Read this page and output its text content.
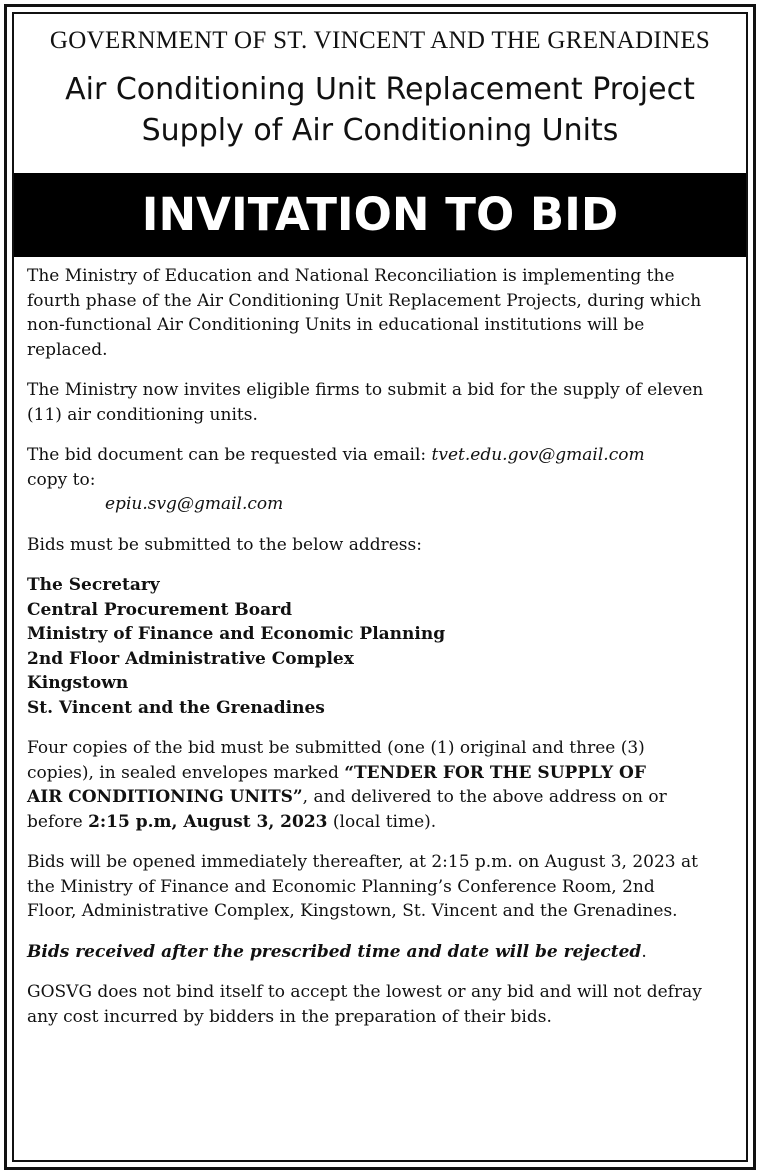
GOVERNMENT OF ST. VINCENT AND THE GRENADINES
Air Conditioning Unit Replacement Project
Supply of Air Conditioning Units
INVITATION TO BID

The Ministry of Education and National Reconciliation is implementing the
fourth phase of the Air Conditioning Unit Replacement Projects, during which
non-functional Air Conditioning Units in educational institutions will be
replaced.

The Ministry now invites eligible firms to submit a bid for the supply of eleven
(11) air conditioning units.

The bid document can be requested via email: tvet.edu.gov@gmail.com
copy to:
epiu.svg@gmail.com

Bids must be submitted to the below address:

The Secretary
Central Procurement Board
Ministry of Finance and Economic Planning
2nd Floor Administrative Complex
Kingstown
St. Vincent and the Grenadines

Four copies of the bid must be submitted (one (1) original and three (3)
copies), in sealed envelopes marked “TENDER FOR THE SUPPLY OF
AIR CONDITIONING UNITS”, and delivered to the above address on or
before 2:15 p.m, August 3, 2023 (local time).

Bids will be opened immediately thereafter, at 2:15 p.m. on August 3, 2023 at
the Ministry of Finance and Economic Planning’s Conference Room, 2nd
Floor, Administrative Complex, Kingstown, St. Vincent and the Grenadines.

Bids received after the prescribed time and date will be rejected.

GOSVG does not bind itself to accept the lowest or any bid and will not defray
any cost incurred by bidders in the preparation of their bids.
